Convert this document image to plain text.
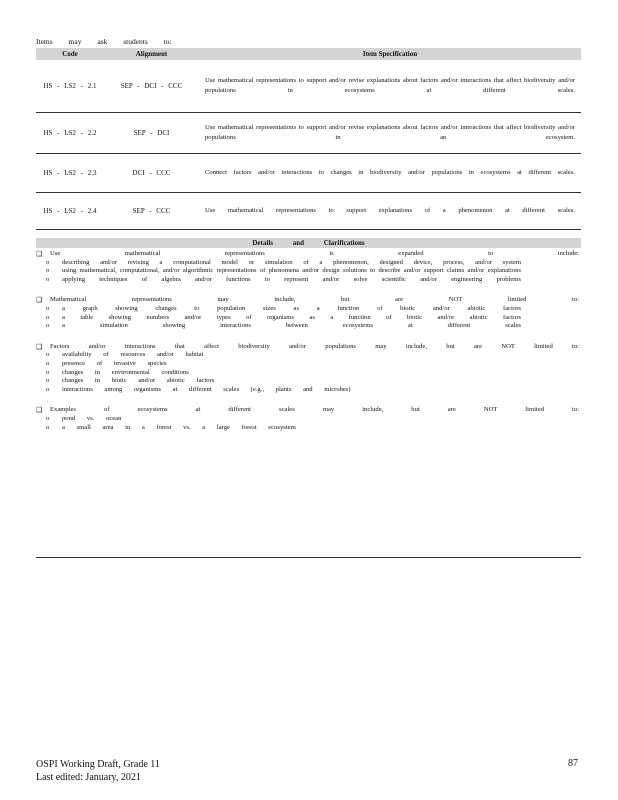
Items may ask students to:
Code	Alignment	Item Specification
HS - LS2 - 2.1	SEP - DCI - CCC	Use mathematical representations to support and/or revise explanations about factors and/or interactions that affect biodiversity and/or populations in ecosystems at different scales.
HS - LS2 - 2.2	SEP - DCI	Use mathematical representations to support and/or revise explanations about factors and/or interactions that affect biodiversity and/or populations in an ecosystem.
HS - LS2 - 2.3	DCI - CCC	Connect factors and/or interactions to changes in biodiversity and/or populations in ecosystems at different scales.
HS - LS2 - 2.4	SEP - CCC	Use mathematical representations to support explanations of a phenomenon at different scales.
Details and Clarifications
❑	Use mathematical representations is expanded to include:
o	describing and/or revising a computational model or simulation of a phenomenon, designed device, process, and/or system
o	using mathematical, computational, and/or algorithmic representations of phenomena and/or design solutions to describe and/or support claims and/or explanations
o	applying techniques of algebra and/or functions to represent and/or solve scientific and/or engineering problems
❑	Mathematical representations may include, but are NOT limited to:
o	a graph showing changes to population sizes as a function of biotic and/or abiotic factors
o	a table showing numbers and/or types of organisms as a function of biotic and/or abiotic factors
o	a simulation showing interactions between ecosystems at different scales
❑	Factors and/or interactions that affect biodiversity and/or populations may include, but are NOT limited to:
o	availability of resources and/or habitat
o	presence of invasive species
o	changes in environmental conditions
o	changes in biotic and/or abiotic factors
o	interactions among organisms at different scales (e.g., plants and microbes)
❑	Examples of ecosystems at different scales may include, but are NOT limited to:
o	pond vs. ocean
o	a small area in a forest vs. a large forest ecosystem
OSPI Working Draft, Grade 11
Last edited: January, 2021
87
